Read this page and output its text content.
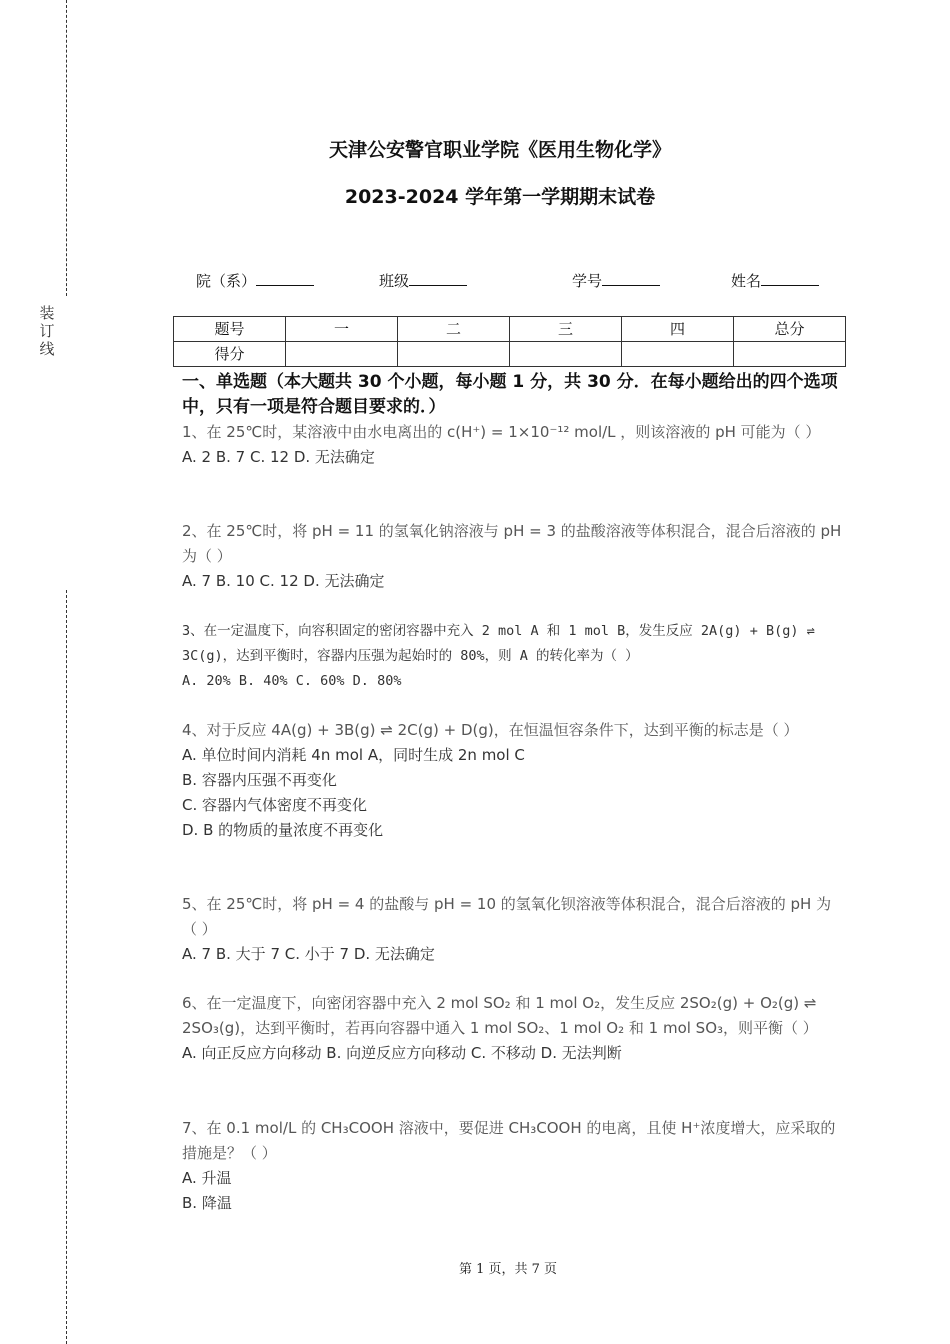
装订线
天津公安警官职业学院《医用生物化学》
2023-2024 学年第一学期期末试卷
院（系）	班级	学号	姓名
题号	一	二	三	四	总分
得分					
一、单选题（本大题共 30 个小题，每小题 1 分，共 30 分．在每小题给出的四个选项中，只有一项是符合题目要求的．）
1、在 25℃时，某溶液中由水电离出的 c(H⁺) = 1×10⁻¹² mol/L ，则该溶液的 pH 可能为（ ）
A. 2 B. 7 C. 12 D. 无法确定
2、在 25℃时，将 pH = 11 的氢氧化钠溶液与 pH = 3 的盐酸溶液等体积混合，混合后溶液的 pH 为（ ）
A. 7 B. 10 C. 12 D. 无法确定
3、在一定温度下，向容积固定的密闭容器中充入 2 mol A 和 1 mol B，发生反应 2A(g) + B(g) ⇌ 3C(g)，达到平衡时，容器内压强为起始时的 80%，则 A 的转化率为（ ）
A. 20% B. 40% C. 60% D. 80%
4、对于反应 4A(g) + 3B(g) ⇌ 2C(g) + D(g)，在恒温恒容条件下，达到平衡的标志是（ ）
A. 单位时间内消耗 4n mol A，同时生成 2n mol C
B. 容器内压强不再变化
C. 容器内气体密度不再变化
D. B 的物质的量浓度不再变化
5、在 25℃时，将 pH = 4 的盐酸与 pH = 10 的氢氧化钡溶液等体积混合，混合后溶液的 pH 为（ ）
A. 7 B. 大于 7 C. 小于 7 D. 无法确定
6、在一定温度下，向密闭容器中充入 2 mol SO₂ 和 1 mol O₂，发生反应 2SO₂(g) + O₂(g) ⇌ 2SO₃(g)，达到平衡时，若再向容器中通入 1 mol SO₂、1 mol O₂ 和 1 mol SO₃，则平衡（ ）
A. 向正反应方向移动 B. 向逆反应方向移动 C. 不移动 D. 无法判断
7、在 0.1 mol/L 的 CH₃COOH 溶液中，要促进 CH₃COOH 的电离，且使 H⁺浓度增大，应采取的措施是？（ ）
A. 升温
B. 降温
第 1 页，共 7 页
